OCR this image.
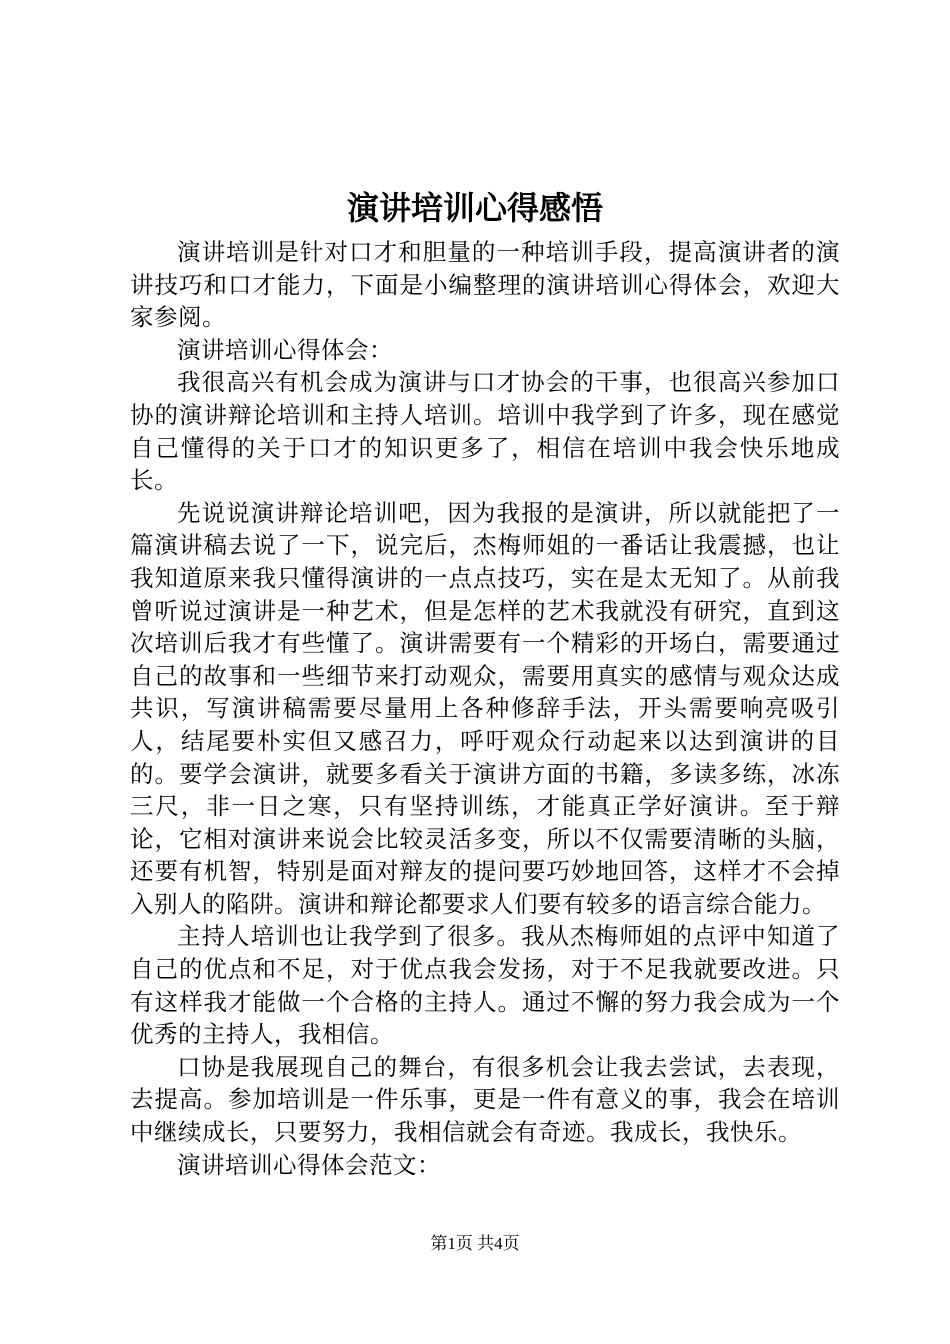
演讲培训心得感悟

演讲培训是针对口才和胆量的一种培训手段，提高演讲者的演讲技巧和口才能力，下面是小编整理的演讲培训心得体会，欢迎大家参阅。

演讲培训心得体会：

我很高兴有机会成为演讲与口才协会的干事，也很高兴参加口协的演讲辩论培训和主持人培训。培训中我学到了许多，现在感觉自己懂得的关于口才的知识更多了，相信在培训中我会快乐地成长。

先说说演讲辩论培训吧，因为我报的是演讲，所以就能把了一篇演讲稿去说了一下，说完后，杰梅师姐的一番话让我震撼，也让我知道原来我只懂得演讲的一点点技巧，实在是太无知了。从前我曾听说过演讲是一种艺术，但是怎样的艺术我就没有研究，直到这次培训后我才有些懂了。演讲需要有一个精彩的开场白，需要通过自己的故事和一些细节来打动观众，需要用真实的感情与观众达成共识，写演讲稿需要尽量用上各种修辞手法，开头需要响亮吸引人，结尾要朴实但又感召力，呼吁观众行动起来以达到演讲的目的。要学会演讲，就要多看关于演讲方面的书籍，多读多练，冰冻三尺，非一日之寒，只有坚持训练，才能真正学好演讲。至于辩论，它相对演讲来说会比较灵活多变，所以不仅需要清晰的头脑，还要有机智，特别是面对辩友的提问要巧妙地回答，这样才不会掉入别人的陷阱。演讲和辩论都要求人们要有较多的语言综合能力。

主持人培训也让我学到了很多。我从杰梅师姐的点评中知道了自己的优点和不足，对于优点我会发扬，对于不足我就要改进。只有这样我才能做一个合格的主持人。通过不懈的努力我会成为一个优秀的主持人，我相信。

口协是我展现自己的舞台，有很多机会让我去尝试，去表现，去提高。参加培训是一件乐事，更是一件有意义的事，我会在培训中继续成长，只要努力，我相信就会有奇迹。我成长，我快乐。

演讲培训心得体会范文：

第1页 共4页
